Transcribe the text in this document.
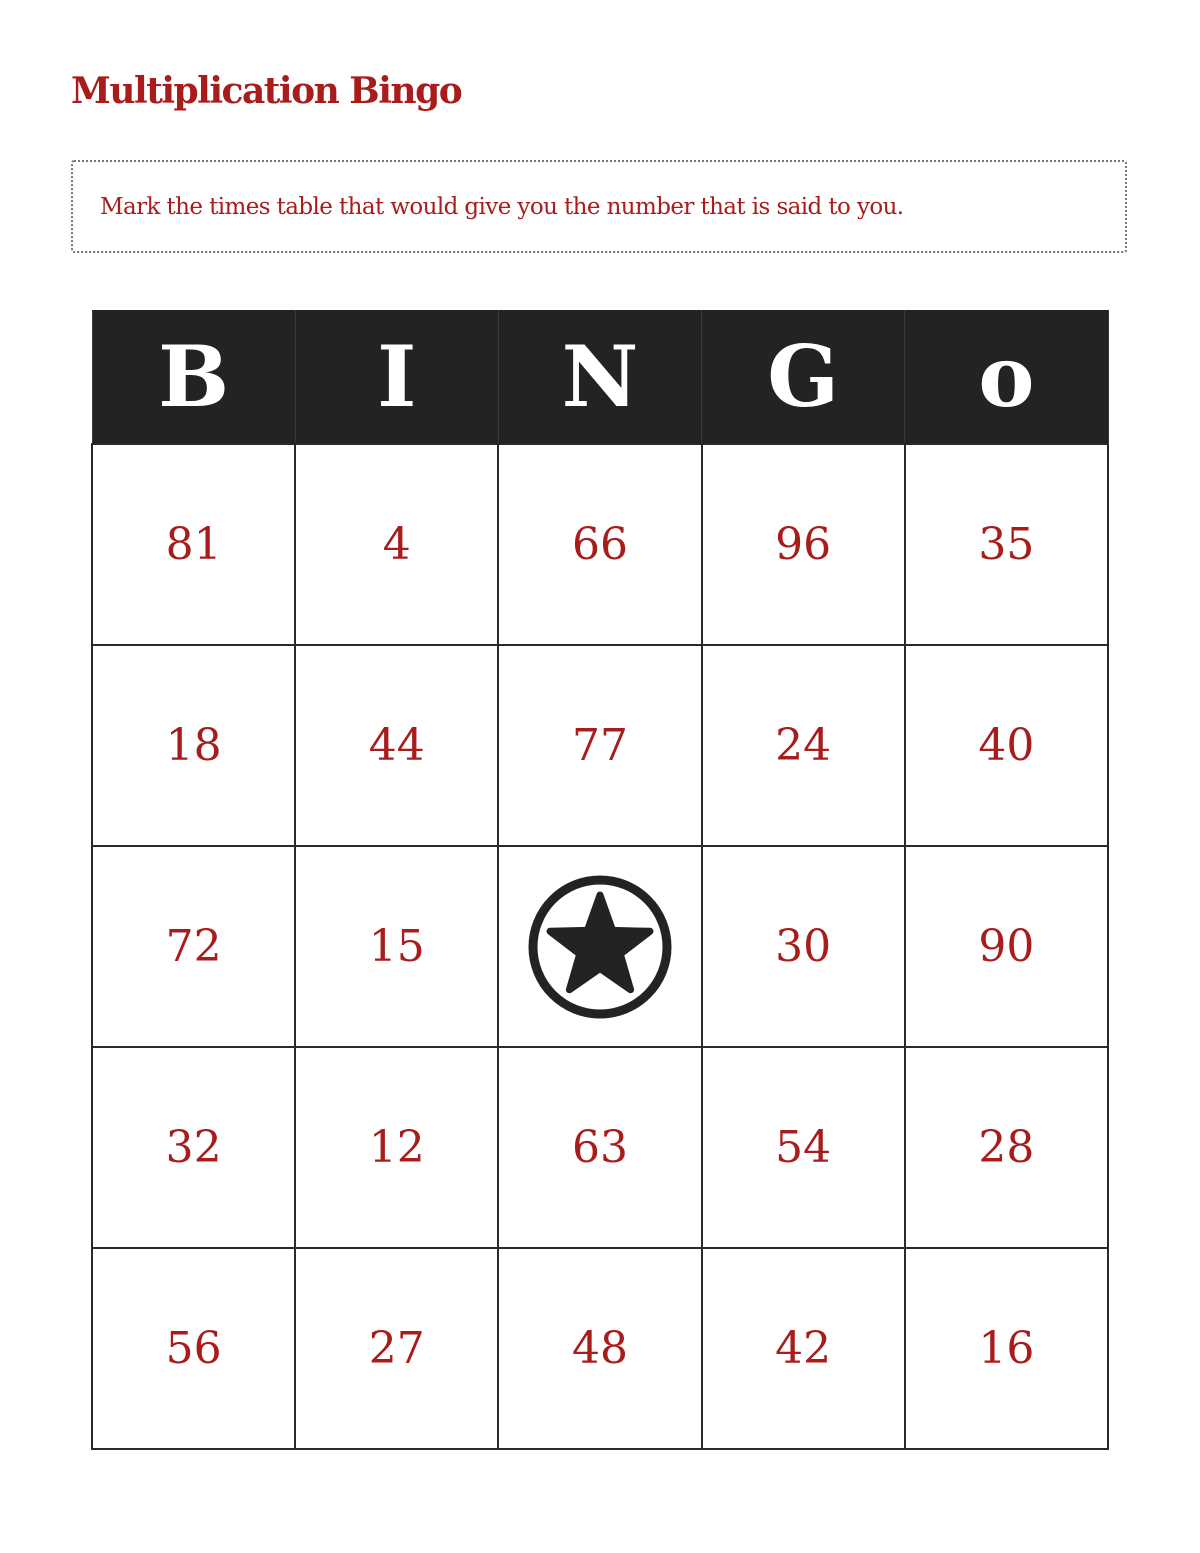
Multiplication Bingo
Mark the times table that would give you the number that is said to you.
B	I	N	G	o
81	4	66	96	35
18	44	77	24	40
72	15		30	90
32	12	63	54	28
56	27	48	42	16
